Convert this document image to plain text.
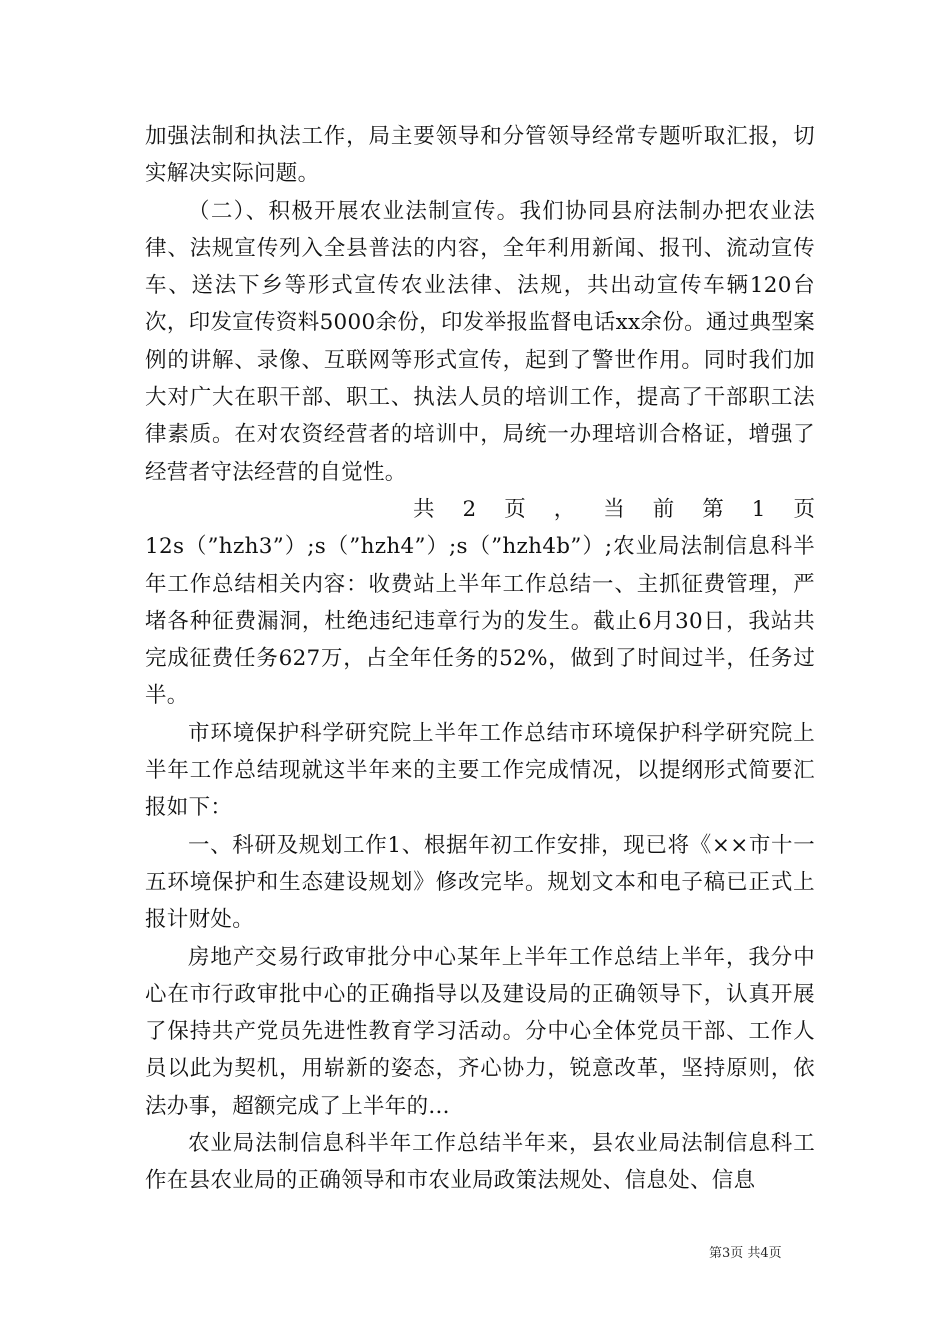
加强法制和执法工作，局主要领导和分管领导经常专题听取汇报，切实解决实际问题。

（二）、积极开展农业法制宣传。我们协同县府法制办把农业法律、法规宣传列入全县普法的内容，全年利用新闻、报刊、流动宣传车、送法下乡等形式宣传农业法律、法规，共出动宣传车辆120台次，印发宣传资料5000余份，印发举报监督电话xx余份。通过典型案例的讲解、录像、互联网等形式宣传，起到了警世作用。同时我们加大对广大在职干部、职工、执法人员的培训工作，提高了干部职工法律素质。在对农资经营者的培训中，局统一办理培训合格证，增强了经营者守法经营的自觉性。

共 2 页 ， 当 前 第 1 页

12s（”hzh3”）;s（”hzh4”）;s（”hzh4b”）;农业局法制信息科半年工作总结相关内容：收费站上半年工作总结一、主抓征费管理，严堵各种征费漏洞，杜绝违纪违章行为的发生。截止6月30日，我站共完成征费任务627万，占全年任务的52%，做到了时间过半，任务过半。

市环境保护科学研究院上半年工作总结市环境保护科学研究院上半年工作总结现就这半年来的主要工作完成情况，以提纲形式简要汇报如下：

一、科研及规划工作1、根据年初工作安排，现已将《××市十一五环境保护和生态建设规划》修改完毕。规划文本和电子稿已正式上报计财处。

房地产交易行政审批分中心某年上半年工作总结上半年，我分中心在市行政审批中心的正确指导以及建设局的正确领导下，认真开展了保持共产党员先进性教育学习活动。分中心全体党员干部、工作人员以此为契机，用崭新的姿态，齐心协力，锐意改革，坚持原则，依法办事，超额完成了上半年的...

农业局法制信息科半年工作总结半年来，县农业局法制信息科工作在县农业局的正确领导和市农业局政策法规处、信息处、信息

第3页 共4页
